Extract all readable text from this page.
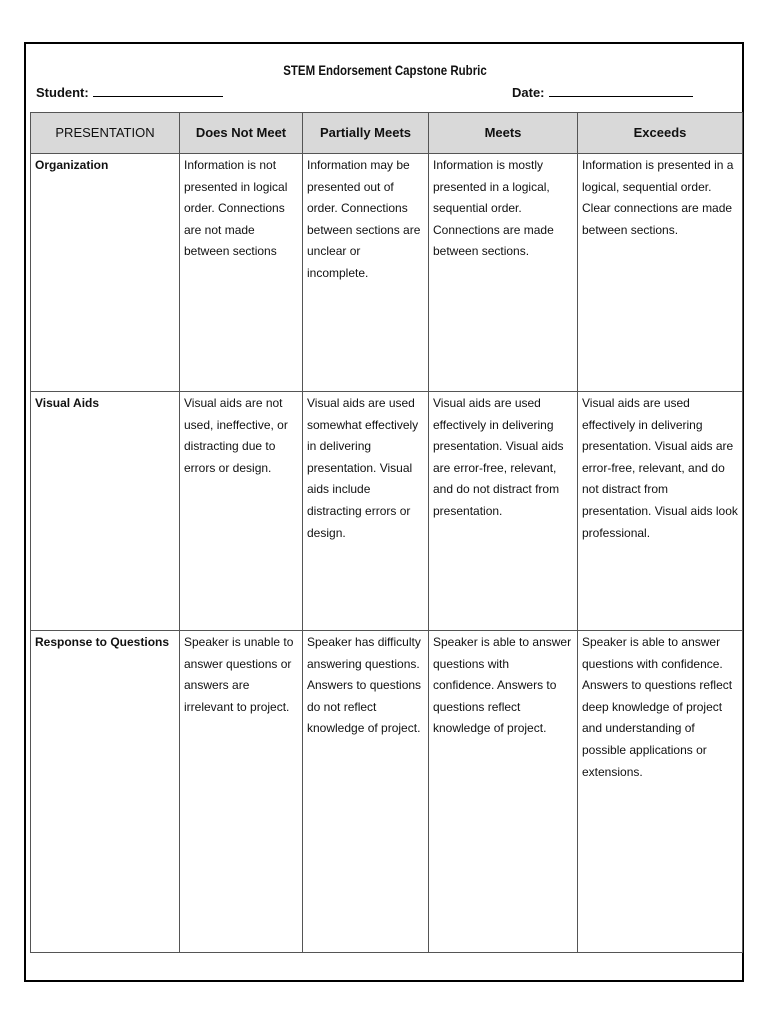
STEM Endorsement Capstone Rubric
Student:	Date:
PRESENTATION	Does Not Meet	Partially Meets	Meets	Exceeds
Organization	Information is not presented in logical order. Connections are not made between sections	Information may be presented out of order. Connections between sections are unclear or incomplete.	Information is mostly presented in a logical, sequential order. Connections are made between sections.	Information is presented in a logical, sequential order. Clear connections are made between sections.
Visual Aids	Visual aids are not used, ineffective, or distracting due to errors or design.	Visual aids are used somewhat effectively in delivering presentation. Visual aids include distracting errors or design.	Visual aids are used effectively in delivering presentation. Visual aids are error-free, relevant, and do not distract from presentation.	Visual aids are used effectively in delivering presentation. Visual aids are error-free, relevant, and do not distract from presentation. Visual aids look professional.
Response to Questions	Speaker is unable to answer questions or answers are irrelevant to project.	Speaker has difficulty answering questions. Answers to questions do not reflect knowledge of project.	Speaker is able to answer questions with confidence. Answers to questions reflect knowledge of project.	Speaker is able to answer questions with confidence. Answers to questions reflect deep knowledge of project and understanding of possible applications or extensions.
